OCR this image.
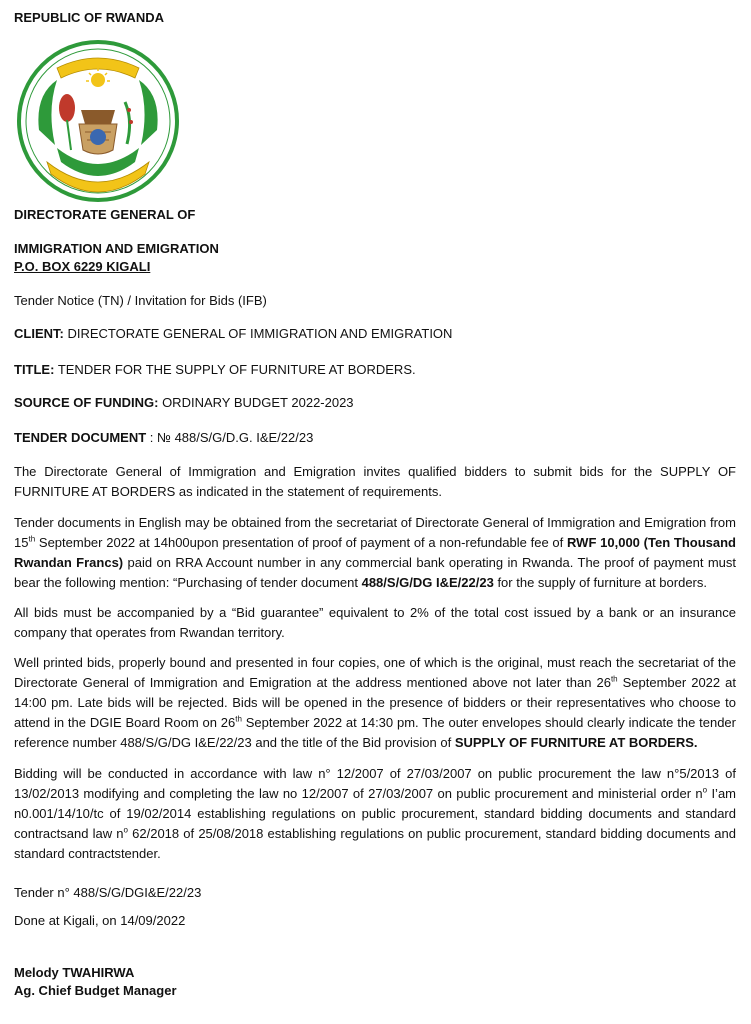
REPUBLIC OF RWANDA
DIRECTORATE GENERAL OF
IMMIGRATION AND EMIGRATION
P.O. BOX 6229 KIGALI
Tender Notice (TN) / Invitation for Bids (IFB)
CLIENT: DIRECTORATE GENERAL OF IMMIGRATION AND EMIGRATION
TITLE: TENDER FOR THE SUPPLY OF FURNITURE AT BORDERS.
SOURCE OF FUNDING: ORDINARY BUDGET 2022-2023
TENDER DOCUMENT : № 488/S/G/D.G. I&E/22/23

The Directorate General of Immigration and Emigration invites qualified bidders to submit bids for the SUPPLY OF FURNITURE AT BORDERS as indicated in the statement of requirements.

Tender documents in English may be obtained from the secretariat of Directorate General of Immigration and Emigration from 15th September 2022 at 14h00upon presentation of proof of payment of a non-refundable fee of RWF 10,000 (Ten Thousand Rwandan Francs) paid on RRA Account number in any commercial bank operating in Rwanda. The proof of payment must bear the following mention: “Purchasing of tender document 488/S/G/DG I&E/22/23 for the supply of furniture at borders.

All bids must be accompanied by a “Bid guarantee” equivalent to 2% of the total cost issued by a bank or an insurance company that operates from Rwandan territory.

Well printed bids, properly bound and presented in four copies, one of which is the original, must reach the secretariat of the Directorate General of Immigration and Emigration at the address mentioned above not later than 26th September 2022 at 14:00 pm. Late bids will be rejected. Bids will be opened in the presence of bidders or their representatives who choose to attend in the DGIE Board Room on 26th September 2022 at 14:30 pm. The outer envelopes should clearly indicate the tender reference number 488/S/G/DG I&E/22/23 and the title of the Bid provision of SUPPLY OF FURNITURE AT BORDERS.

Bidding will be conducted in accordance with law n° 12/2007 of 27/03/2007 on public procurement the law n°5/2013 of 13/02/2013 modifying and completing the law no 12/2007 of 27/03/2007 on public procurement and ministerial order $n^o$ I’am n0.001/14/10/tc of 19/02/2014 establishing regulations on public procurement, standard bidding documents and standard contractsand law $n^o$ 62/2018 of 25/08/2018 establishing regulations on public procurement, standard bidding documents and standard contractstender.

Tender n° 488/S/G/DGI&E/22/23
Done at Kigali, on 14/09/2022
Melody TWAHIRWA
Ag. Chief Budget Manager
